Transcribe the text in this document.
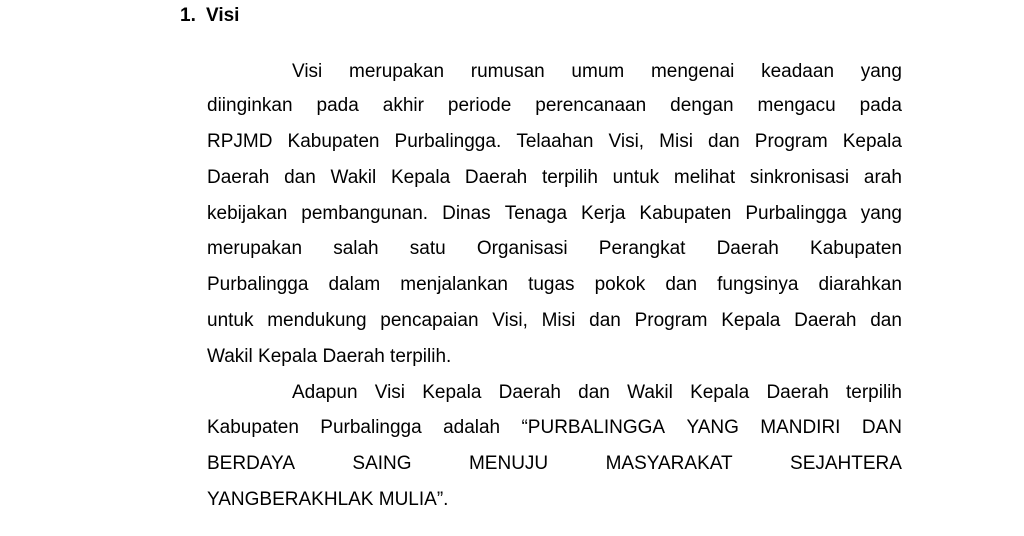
1. Visi
Visi merupakan rumusan umum mengenai keadaan yang
diinginkan pada akhir periode perencanaan dengan mengacu pada
RPJMD Kabupaten Purbalingga. Telaahan Visi, Misi dan Program Kepala
Daerah dan Wakil Kepala Daerah terpilih untuk melihat sinkronisasi arah
kebijakan pembangunan. Dinas Tenaga Kerja Kabupaten Purbalingga yang
merupakan salah satu Organisasi Perangkat Daerah Kabupaten
Purbalingga dalam menjalankan tugas pokok dan fungsinya diarahkan
untuk mendukung pencapaian Visi, Misi dan Program Kepala Daerah dan
Wakil Kepala Daerah terpilih.
Adapun Visi Kepala Daerah dan Wakil Kepala Daerah terpilih
Kabupaten Purbalingga adalah “PURBALINGGA YANG MANDIRI DAN
BERDAYA	SAING	MENUJU	MASYARAKAT	SEJAHTERA
YANGBERAKHLAK MULIA”.
